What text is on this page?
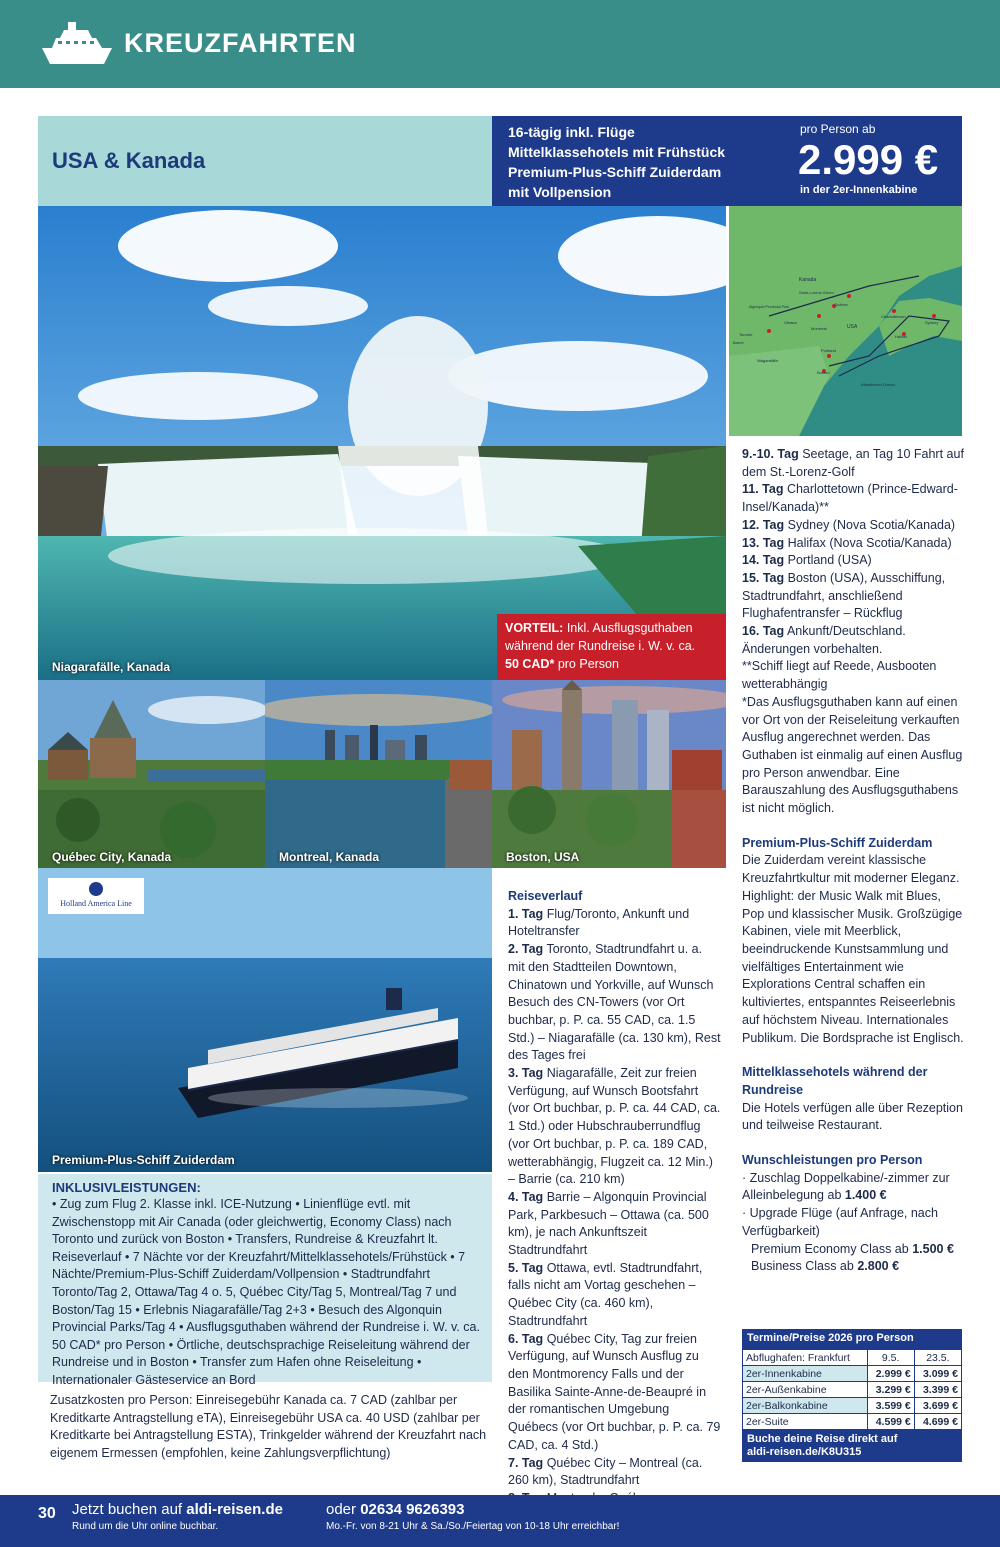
KREUZFAHRTEN
USA & Kanada
16-tägig inkl. Flüge
Mittelklassehotels mit Frühstück
Premium-Plus-Schiff Zuiderdam
mit Vollpension
pro Person ab
2.999 €
in der 2er-Innenkabine
Niagarafälle, Kanada
VORTEIL: Inkl. Ausflugsguthaben
während der Rundreise i. W. v. ca.
50 CAD* pro Person
Kanada
Saint-Lorenz-Strom
Québec
Ottawa
Montreal
Toronto
Barrie
Niagarafälle
USA
Portland
Boston
Charlottetown
Sydney
Halifax
Atlantischer Ozean
Algonquin Provincial Park
Québec City, Kanada	Montreal, Kanada	Boston, USA
Holland America Line
Premium-Plus-Schiff Zuiderdam
9.-10. Tag Seetage, an Tag 10 Fahrt auf dem St.-Lorenz-Golf
11. Tag Charlottetown (Prince-Edward-Insel/Kanada)**
12. Tag Sydney (Nova Scotia/Kanada)
13. Tag Halifax (Nova Scotia/Kanada)
14. Tag Portland (USA)
15. Tag Boston (USA), Ausschiffung, Stadtrundfahrt, anschließend Flughafentransfer – Rückflug
16. Tag Ankunft/Deutschland.
Änderungen vorbehalten.
**Schiff liegt auf Reede, Ausbooten wetterabhängig
*Das Ausflugsguthaben kann auf einen vor Ort von der Reiseleitung verkauften Ausflug angerechnet werden. Das Guthaben ist einmalig auf einen Ausflug pro Person anwendbar. Eine Barauszahlung des Ausflugsguthabens ist nicht möglich.
Premium-Plus-Schiff Zuiderdam
Die Zuiderdam vereint klassische Kreuzfahrtkultur mit moderner Eleganz. Highlight: der Music Walk mit Blues, Pop und klassischer Musik. Großzügige Kabinen, viele mit Meerblick, beeindruckende Kunstsammlung und vielfältiges Entertainment wie Explorations Central schaffen ein kultiviertes, entspanntes Reiseerlebnis auf höchstem Niveau. Internationales Publikum. Die Bordsprache ist Englisch.
Mittelklassehotels während der Rundreise
Die Hotels verfügen alle über Rezeption und teilweise Restaurant.
Wunschleistungen pro Person
· Zuschlag Doppelkabine/-zimmer zur Alleinbelegung ab 1.400 €
· Upgrade Flüge (auf Anfrage, nach Verfügbarkeit)
Premium Economy Class ab 1.500 €
Business Class ab 2.800 €
Reiseverlauf
1. Tag Flug/Toronto, Ankunft und Hoteltransfer
2. Tag Toronto, Stadtrundfahrt u. a. mit den Stadtteilen Downtown, Chinatown und Yorkville, auf Wunsch Besuch des CN-Towers (vor Ort buchbar, p. P. ca. 55 CAD, ca. 1.5 Std.) – Niagarafälle (ca. 130 km), Rest des Tages frei
3. Tag Niagarafälle, Zeit zur freien Verfügung, auf Wunsch Bootsfahrt (vor Ort buchbar, p. P. ca. 44 CAD, ca. 1 Std.) oder Hubschrauberrundflug (vor Ort buchbar, p. P. ca. 189 CAD, wetterabhängig, Flugzeit ca. 12 Min.) – Barrie (ca. 210 km)
4. Tag Barrie – Algonquin Provincial Park, Parkbesuch – Ottawa (ca. 500 km), je nach Ankunftszeit Stadtrundfahrt
5. Tag Ottawa, evtl. Stadtrundfahrt, falls nicht am Vortag geschehen – Québec City (ca. 460 km), Stadtrundfahrt
6. Tag Québec City, Tag zur freien Verfügung, auf Wunsch Ausflug zu den Montmorency Falls und der Basilika Sainte-Anne-de-Beaupré in der romantischen Umgebung Québecs (vor Ort buchbar, p. P. ca. 79 CAD, ca. 4 Std.)
7. Tag Québec City – Montreal (ca. 260 km), Stadtrundfahrt
INKLUSIVLEISTUNGEN:
• Zug zum Flug 2. Klasse inkl. ICE-Nutzung • Linienflüge evtl. mit Zwischenstopp mit Air Canada (oder gleichwertig, Economy Class) nach Toronto und zurück von Boston • Transfers, Rundreise & Kreuzfahrt lt. Reiseverlauf • 7 Nächte vor der Kreuzfahrt/Mittelklassehotels/Frühstück • 7 Nächte/Premium-Plus-Schiff Zuiderdam/Vollpension • Stadtrundfahrt Toronto/Tag 2, Ottawa/Tag 4 o. 5, Québec City/Tag 5, Montreal/Tag 7 und Boston/Tag 15 • Erlebnis Niagarafälle/Tag 2+3 • Besuch des Algonquin Provincial Parks/Tag 4 • Ausflugsguthaben während der Rundreise i. W. v. ca. 50 CAD* pro Person • Örtliche, deutschsprachige Reiseleitung während der Rundreise und in Boston • Transfer zum Hafen ohne Reiseleitung • Internationaler Gästeservice an Bord
Zusatzkosten pro Person: Einreisegebühr Kanada ca. 7 CAD (zahlbar per Kreditkarte Antragstellung eTA), Einreisegebühr USA ca. 40 USD (zahlbar per Kreditkarte bei Antragstellung ESTA), Trinkgelder während der Kreuzfahrt nach eigenem Ermessen (empfohlen, keine Zahlungsverpflichtung)
Termine/Preise 2026 pro Person
Abflughafen: Frankfurt	9.5.	23.5.
2er-Innenkabine	2.999 €	3.099 €
2er-Außenkabine	3.299 €	3.399 €
2er-Balkonkabine	3.599 €	3.699 €
2er-Suite	4.599 €	4.699 €
Buche deine Reise direkt auf
aldi-reisen.de/K8U315
30 Jetzt buchen auf aldi-reisen.de
Rund um die Uhr online buchbar.
oder 02634 9626393
Mo.-Fr. von 8-21 Uhr & Sa./So./Feiertag von 10-18 Uhr erreichbar!
